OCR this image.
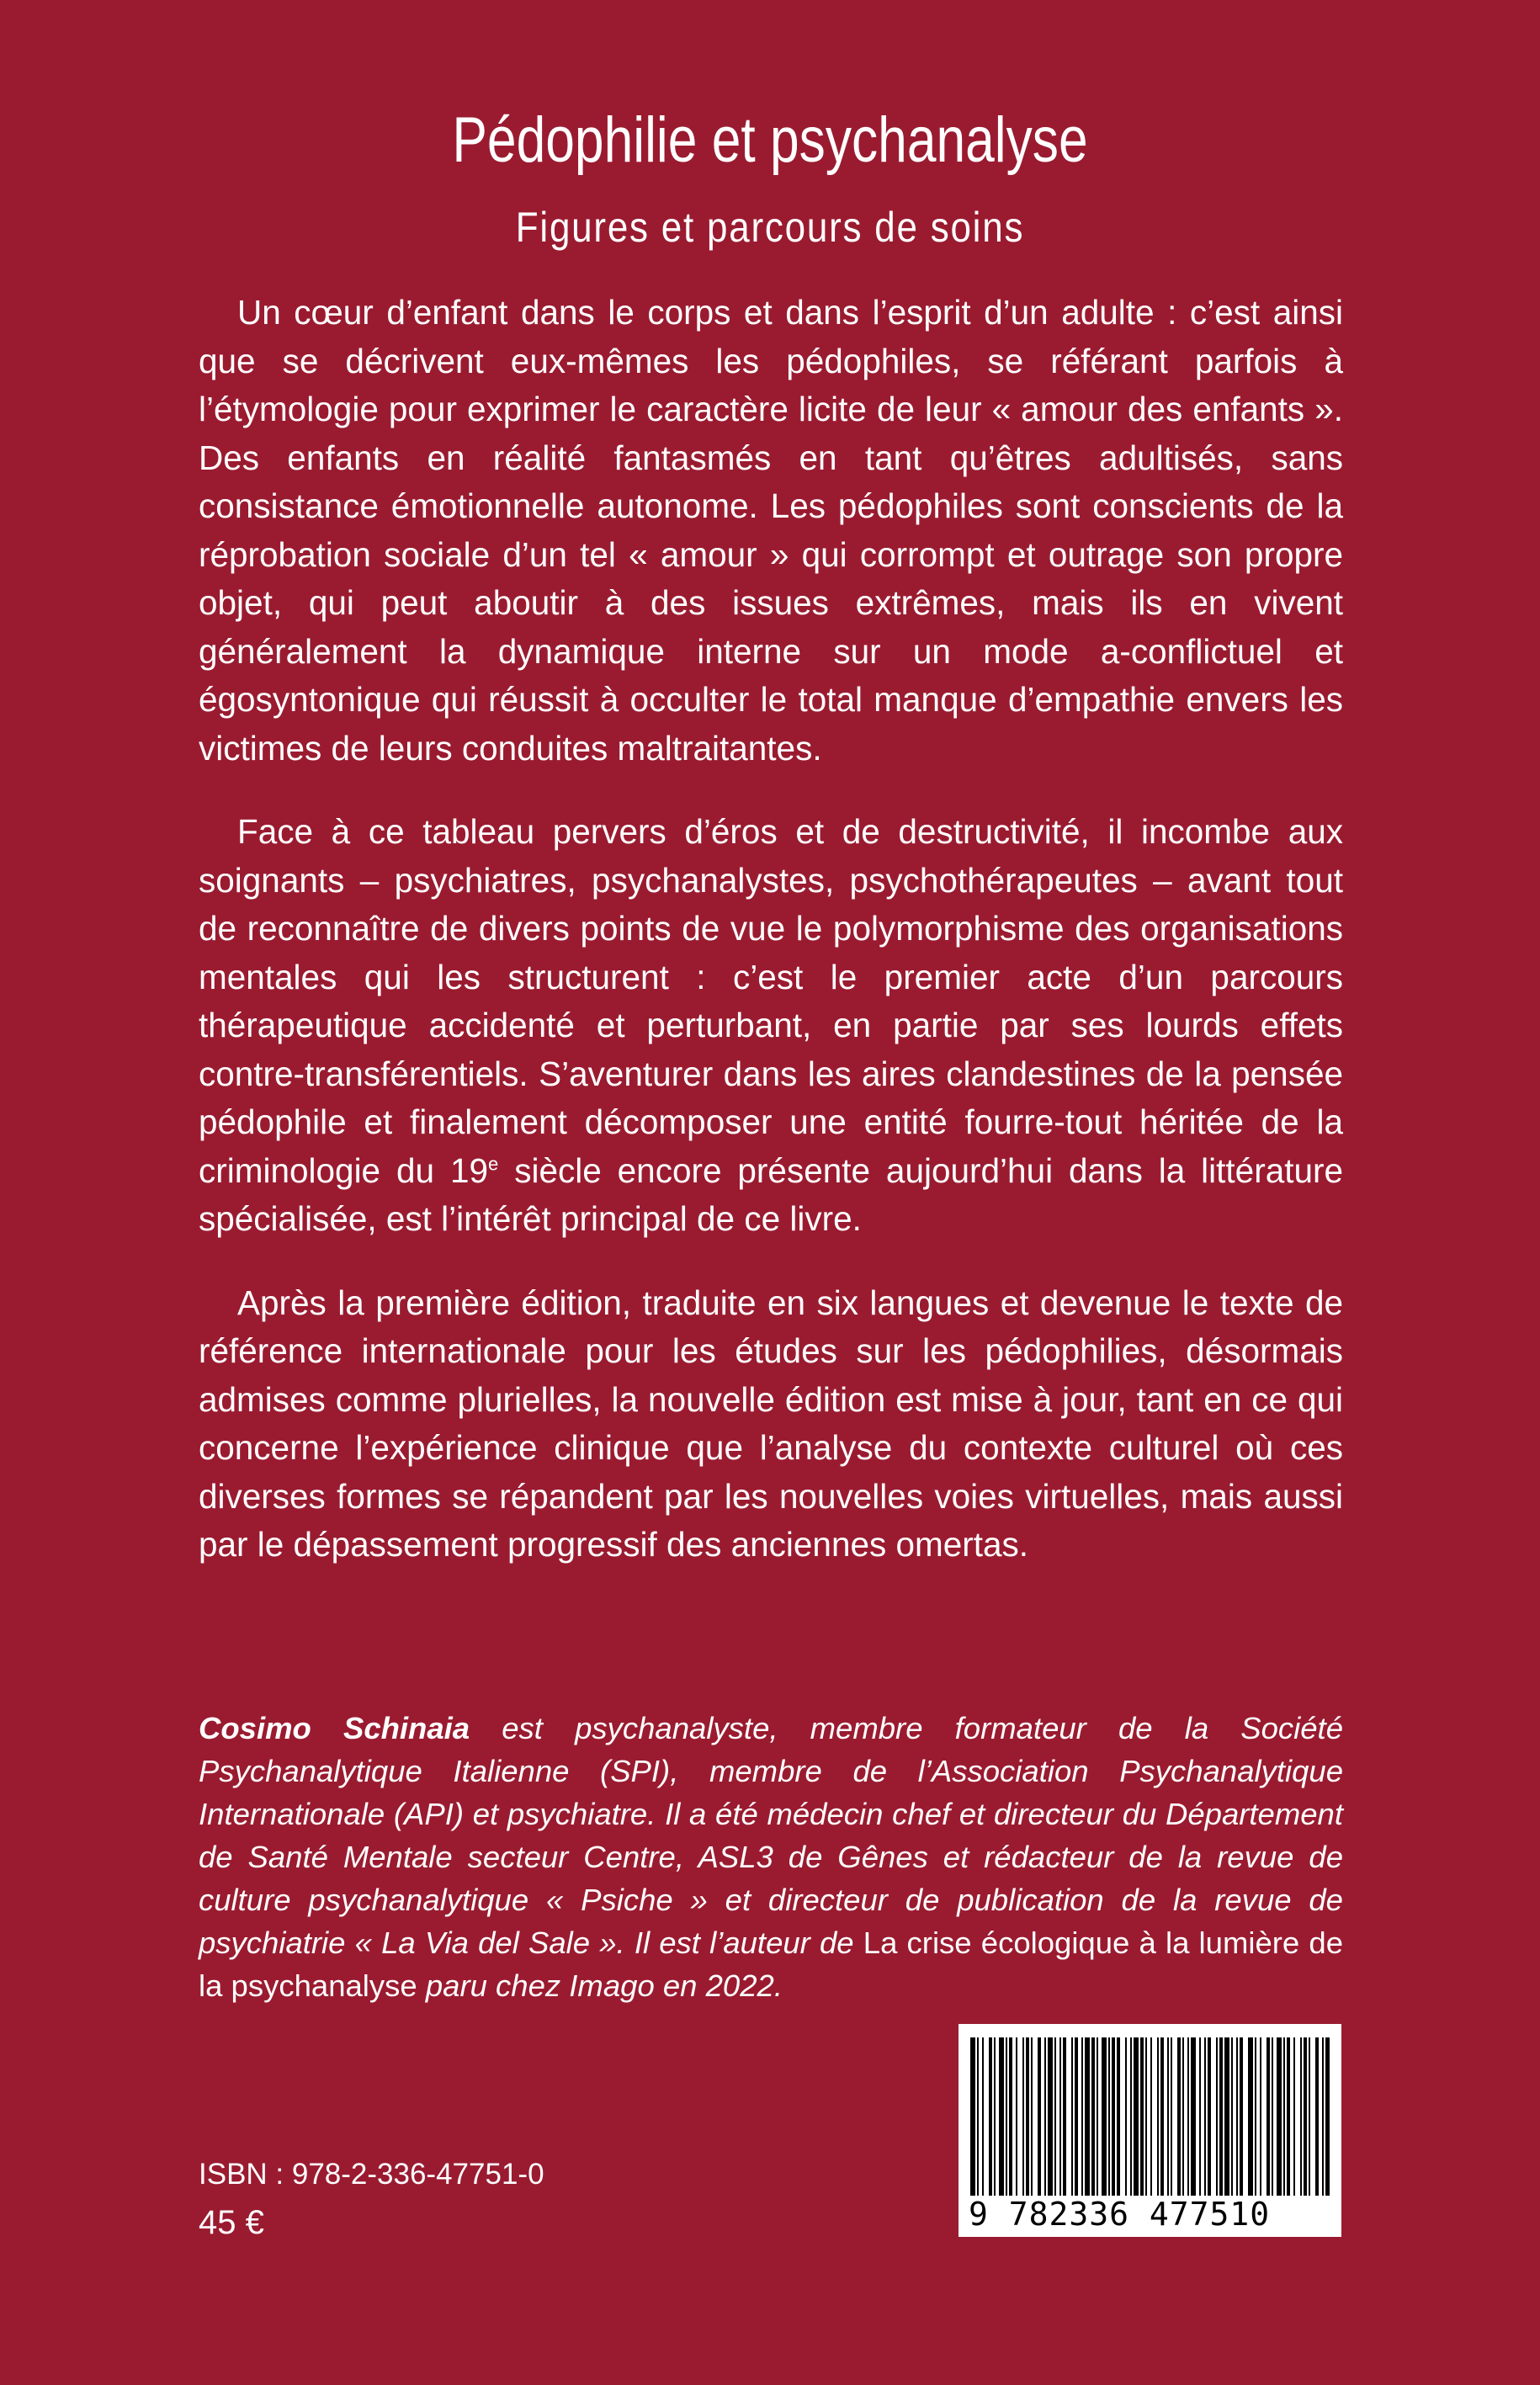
Pédophilie et psychanalyse
Figures et parcours de soins

Un cœur d’enfant dans le corps et dans l’esprit d’un adulte : c’est ainsi que se décrivent eux-mêmes les pédophiles, se référant parfois à l’étymologie pour exprimer le caractère licite de leur « amour des enfants ». Des enfants en réalité fantasmés en tant qu’êtres adultisés, sans consistance émotionnelle autonome. Les pédophiles sont conscients de la réprobation sociale d’un tel « amour » qui corrompt et outrage son propre objet, qui peut aboutir à des issues extrêmes, mais ils en vivent généralement la dynamique interne sur un mode a-conflictuel et égosyntonique qui réussit à occulter le total manque d’empathie envers les victimes de leurs conduites maltraitantes.

Face à ce tableau pervers d’éros et de destructivité, il incombe aux soignants – psychiatres, psychanalystes, psychothérapeutes – avant tout de reconnaître de divers points de vue le polymorphisme des organisations mentales qui les structurent : c’est le premier acte d’un parcours thérapeutique accidenté et perturbant, en partie par ses lourds effets contre-transférentiels. S’aventurer dans les aires clandestines de la pensée pédophile et finalement décomposer une entité fourre-tout héritée de la criminologie du 19e siècle encore présente aujourd’hui dans la littérature spécialisée, est l’intérêt principal de ce livre.

Après la première édition, traduite en six langues et devenue le texte de référence internationale pour les études sur les pédophilies, désormais admises comme plurielles, la nouvelle édition est mise à jour, tant en ce qui concerne l’expérience clinique que l’analyse du contexte culturel où ces diverses formes se répandent par les nouvelles voies virtuelles, mais aussi par le dépassement progressif des anciennes omertas.

Cosimo Schinaia est psychanalyste, membre formateur de la Société Psychanalytique Italienne (SPI), membre de l’Association Psychanalytique Internationale (API) et psychiatre. Il a été médecin chef et directeur du Département de Santé Mentale secteur Centre, ASL3 de Gênes et rédacteur de la revue de culture psychanalytique « Psiche » et directeur de publication de la revue de psychiatrie « La Via del Sale ». Il est l’auteur de La crise écologique à la lumière de la psychanalyse paru chez Imago en 2022.
ISBN : 978-2-336-47751-0
45 €	9 782336 477510
